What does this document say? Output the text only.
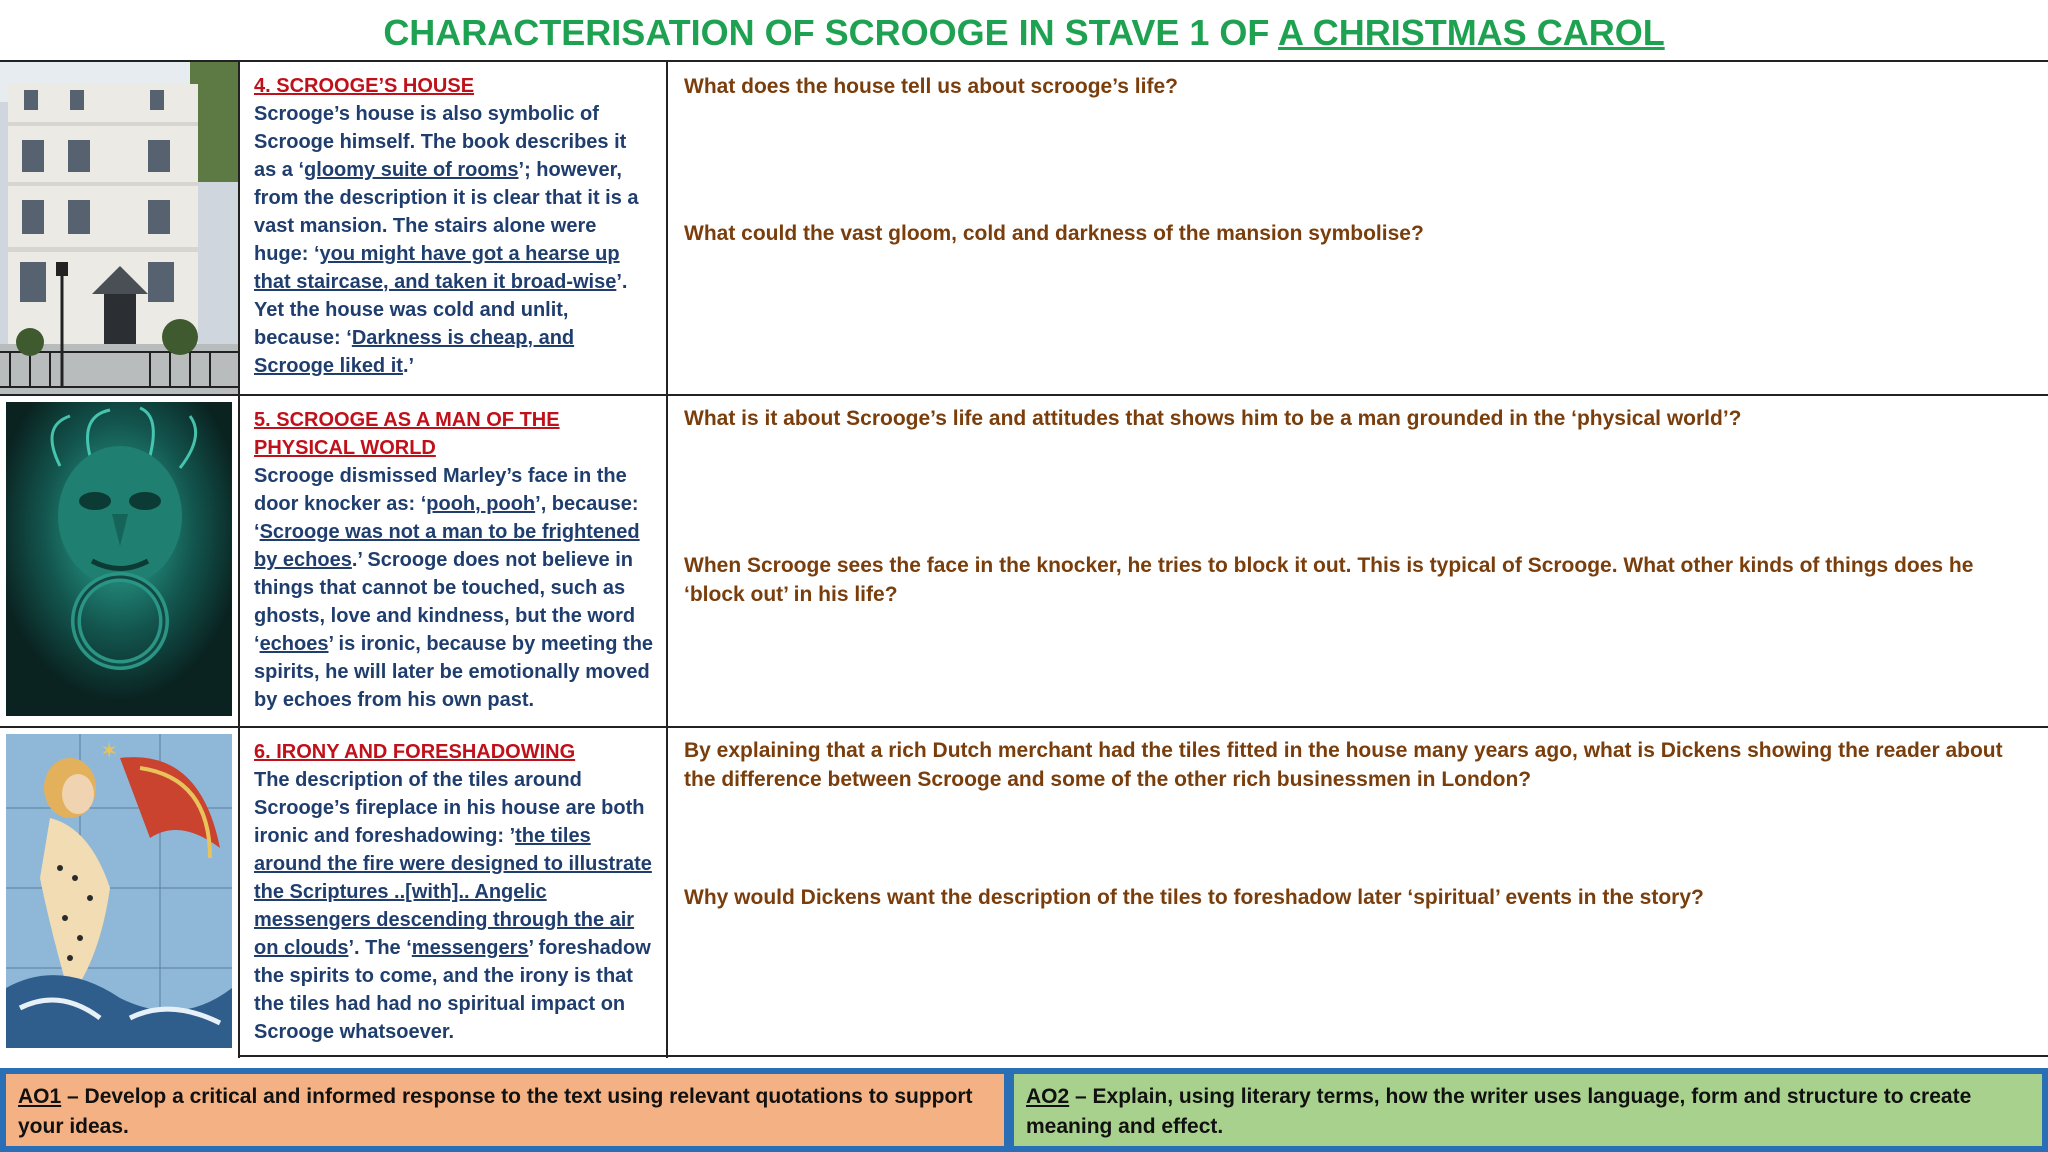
CHARACTERISATION OF SCROOGE IN STAVE 1 OF A CHRISTMAS CAROL
4. SCROOGE’S HOUSE
Scrooge’s house is also symbolic of Scrooge himself. The book describes it as a ‘gloomy suite of rooms’; however, from the description it is clear that it is a vast mansion. The stairs alone were huge: ‘you might have got a hearse up that staircase, and taken it broad-wise’. Yet the house was cold and unlit, because: ‘Darkness is cheap, and Scrooge liked it.’
What does the house tell us about scrooge’s life?
What could the vast gloom, cold and darkness of the mansion symbolise?
5. SCROOGE AS A MAN OF THE PHYSICAL WORLD
Scrooge dismissed Marley’s face in the door knocker as: ‘pooh, pooh’, because: ‘Scrooge was not a man to be frightened by echoes.’ Scrooge does not believe in things that cannot be touched, such as ghosts, love and kindness, but the word ‘echoes’ is ironic, because by meeting the spirits, he will later be emotionally moved by echoes from his own past.
What is it about Scrooge’s life and attitudes that shows him to be a man grounded in the ‘physical world’?
When Scrooge sees the face in the knocker, he tries to block it out. This is typical of Scrooge. What other kinds of things does he ‘block out’ in his life?
✶	6. IRONY AND FORESHADOWING
The description of the tiles around Scrooge’s fireplace in his house are both ironic and foreshadowing: ’the tiles around the fire were designed to illustrate the Scriptures ..[with].. Angelic messengers descending through the air on clouds’. The ‘messengers’ foreshadow the spirits to come, and the irony is that the tiles had had no spiritual impact on Scrooge whatsoever.
By explaining that a rich Dutch merchant had the tiles fitted in the house many years ago, what is Dickens showing the reader about the difference between Scrooge and some of the other rich businessmen in London?
Why would Dickens want the description of the tiles to foreshadow later ‘spiritual’ events in the story?
AO1 – Develop a critical and informed response to the text using relevant quotations to support your ideas.
AO2 – Explain, using literary terms, how the writer uses language, form and structure to create meaning and effect.
